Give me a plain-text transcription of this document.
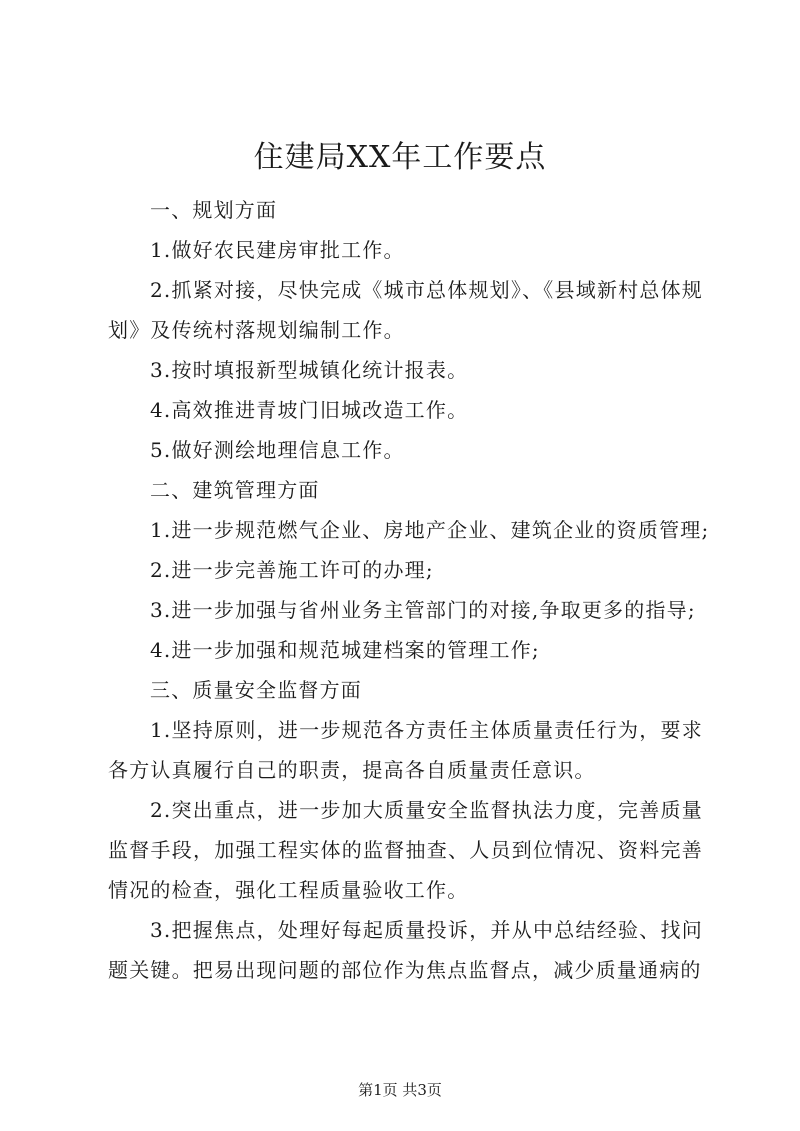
住建局XX年工作要点

一、规划方面

1.做好农民建房审批工作。

2.抓紧对接，尽快完成《城市总体规划》、《县域新村总体规划》及传统村落规划编制工作。

3.按时填报新型城镇化统计报表。

4.高效推进青坡门旧城改造工作。

5.做好测绘地理信息工作。

二、建筑管理方面

1.进一步规范燃气企业、房地产企业、建筑企业的资质管理;

2.进一步完善施工许可的办理;

3.进一步加强与省州业务主管部门的对接,争取更多的指导;

4.进一步加强和规范城建档案的管理工作;

三、质量安全监督方面

1.坚持原则，进一步规范各方责任主体质量责任行为，要求各方认真履行自己的职责，提高各自质量责任意识。

2.突出重点，进一步加大质量安全监督执法力度，完善质量监督手段，加强工程实体的监督抽查、人员到位情况、资料完善情况的检查，强化工程质量验收工作。

3.把握焦点，处理好每起质量投诉，并从中总结经验、找问题关键。把易出现问题的部位作为焦点监督点，减少质量通病的

第1页 共3页
